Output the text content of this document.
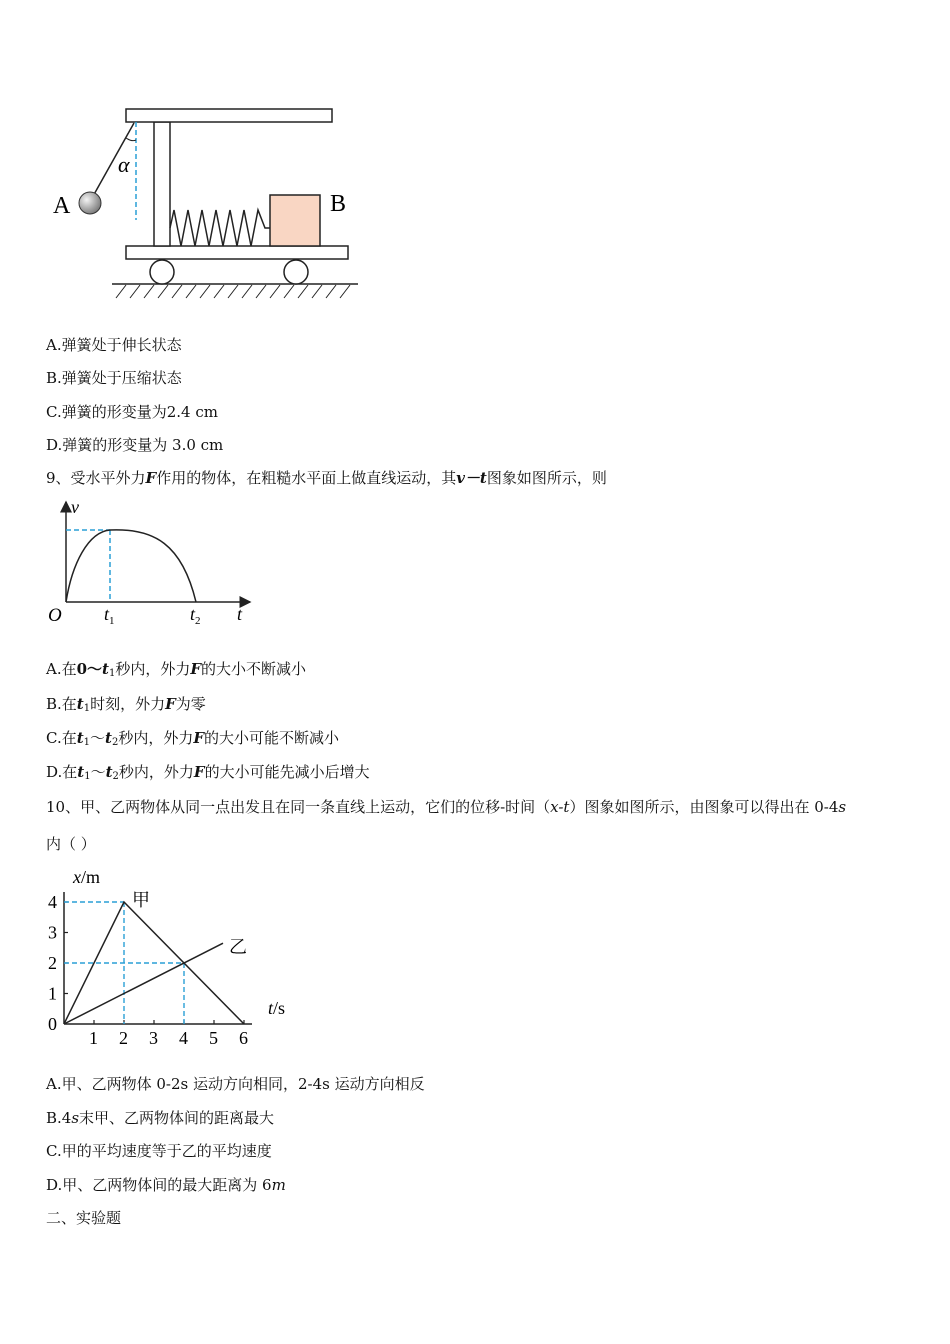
α
A	B
A.弹簧处于伸长状态
B.弹簧处于压缩状态
C.弹簧的形变量为2.4 cm
D.弹簧的形变量为 3.0 cm
9、受水平外力F作用的物体，在粗糙水平面上做直线运动，其v－t图象如图所示，则
v
O $t_1$	$t_2$ t
A.在$0\sim t_1$秒内，外力F的大小不断减小
B.在$t_1$时刻，外力F为零
C.在$t_1\sim t_2$秒内，外力F的大小可能不断减小
D.在$t_1\sim t_2$秒内，外力F的大小可能先减小后增大
10、甲、乙两物体从同一点出发且在同一条直线上运动，它们的位移-时间（x-t）图象如图所示，由图象可以得出在 0-4s
内（ ）
x/m
t/s
1 2 3 4 5 6
1
2
3
4
0
甲
乙
A.甲、乙两物体 0-2s 运动方向相同，2-4s 运动方向相反
B.4s末甲、乙两物体间的距离最大
C.甲的平均速度等于乙的平均速度
D.甲、乙两物体间的最大距离为 6m
二、实验题
